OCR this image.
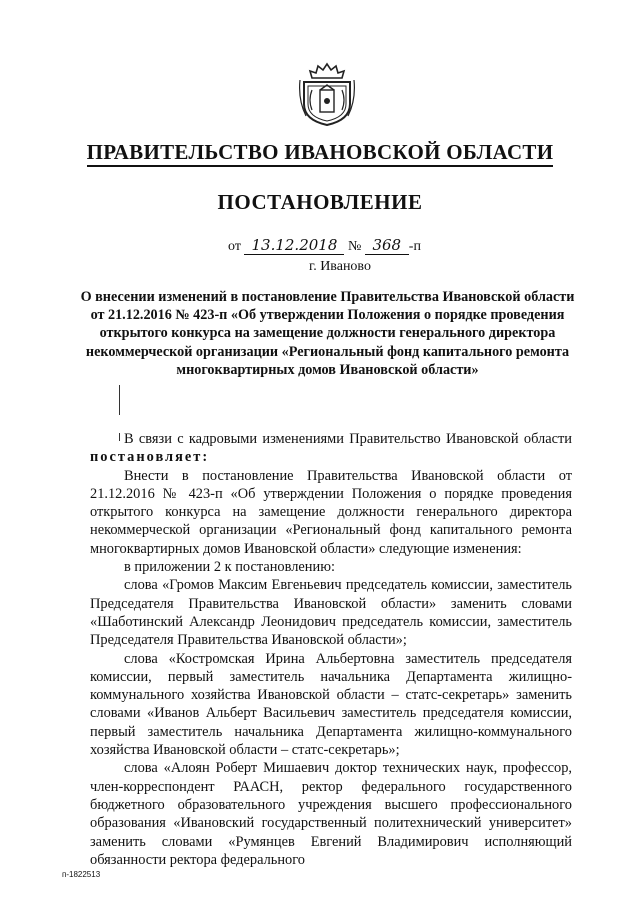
ПРАВИТЕЛЬСТВО ИВАНОВСКОЙ ОБЛАСТИ
ПОСТАНОВЛЕНИЕ
от 13.12.2018 № 368 -п
г. Иваново
О внесении изменений в постановление Правительства Ивановской области от 21.12.2016 № 423-п «Об утверждении Положения о порядке проведения открытого конкурса на замещение должности генерального директора некоммерческой организации «Региональный фонд капитального ремонта многоквартирных домов Ивановской области»

В связи с кадровыми изменениями Правительство Ивановской области постановляет:

Внести в постановление Правительства Ивановской области от 21.12.2016 № 423-п «Об утверждении Положения о порядке проведения открытого конкурса на замещение должности генерального директора некоммерческой организации «Региональный фонд капитального ремонта многоквартирных домов Ивановской области» следующие изменения:

в приложении 2 к постановлению:

слова «Громов Максим Евгеньевич председатель комиссии, заместитель Председателя Правительства Ивановской области» заменить словами «Шаботинский Александр Леонидович председатель комиссии, заместитель Председателя Правительства Ивановской области»;

слова «Костромская Ирина Альбертовна заместитель председателя комиссии, первый заместитель начальника Департамента жилищно-коммунального хозяйства Ивановской области – статс-секретарь» заменить словами «Иванов Альберт Васильевич заместитель председателя комиссии, первый заместитель начальника Департамента жилищно-коммунального хозяйства Ивановской области – статс-секретарь»;

слова «Алоян Роберт Мишаевич доктор технических наук, профессор, член-корреспондент РААСН, ректор федерального государственного бюджетного образовательного учреждения высшего профессионального образования «Ивановский государственный политехнический университет» заменить словами «Румянцев Евгений Владимирович исполняющий обязанности ректора федерального

п-1822513
